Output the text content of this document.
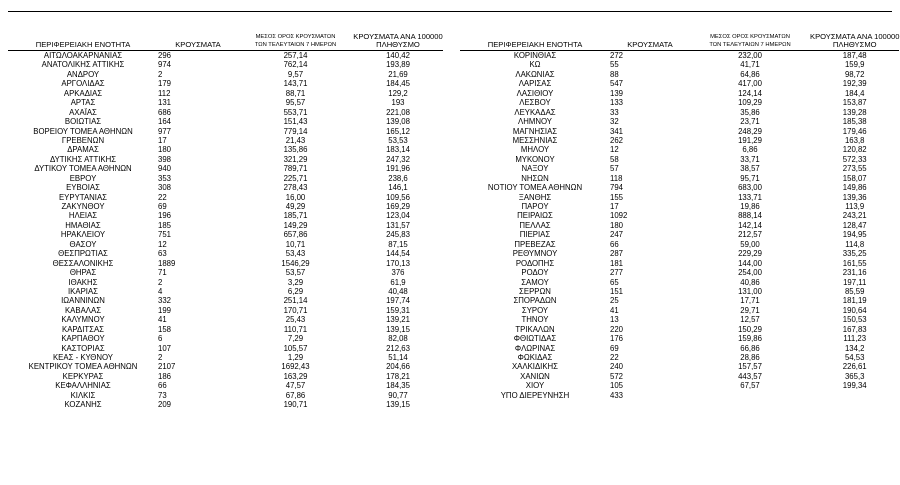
ΠΕΡΙΦΕΡΕΙΑΚΗ ΕΝΟΤΗΤΑ	ΚΡΟΥΣΜΑΤΑ	ΜΕΣΟΣ ΟΡΟΣ ΚΡΟΥΣΜΑΤΩΝ
ΤΩΝ ΤΕΛΕΥΤΑΙΩΝ 7 ΗΜΕΡΩΝ	ΚΡΟΥΣΜΑΤΑ ΑΝΑ 100000
ΠΛΗΘΥΣΜΟ
ΑΙΤΩΛΟΑΚΑΡΝΑΝΙΑΣ	296	257,14	140,42
ΑΝΑΤΟΛΙΚΗΣ ΑΤΤΙΚΗΣ	974	762,14	193,89
ΑΝΔΡΟΥ	2	9,57	21,69
ΑΡΓΟΛΙΔΑΣ	179	143,71	184,45
ΑΡΚΑΔΙΑΣ	112	88,71	129,2
ΑΡΤΑΣ	131	95,57	193
ΑΧΑΪΑΣ	686	553,71	221,08
ΒΟΙΩΤΙΑΣ	164	151,43	139,08
ΒΟΡΕΙΟΥ ΤΟΜΕΑ ΑΘΗΝΩΝ	977	779,14	165,12
ΓΡΕΒΕΝΩΝ	17	21,43	53,53
ΔΡΑΜΑΣ	180	135,86	183,14
ΔΥΤΙΚΗΣ ΑΤΤΙΚΗΣ	398	321,29	247,32
ΔΥΤΙΚΟΥ ΤΟΜΕΑ ΑΘΗΝΩΝ	940	789,71	191,96
ΕΒΡΟΥ	353	225,71	238,6
ΕΥΒΟΙΑΣ	308	278,43	146,1
ΕΥΡΥΤΑΝΙΑΣ	22	16,00	109,56
ΖΑΚΥΝΘΟΥ	69	49,29	169,29
ΗΛΕΙΑΣ	196	185,71	123,04
ΗΜΑΘΙΑΣ	185	149,29	131,57
ΗΡΑΚΛΕΙΟΥ	751	657,86	245,83
ΘΑΣΟΥ	12	10,71	87,15
ΘΕΣΠΡΩΤΙΑΣ	63	53,43	144,54
ΘΕΣΣΑΛΟΝΙΚΗΣ	1889	1546,29	170,13
ΘΗΡΑΣ	71	53,57	376
ΙΘΑΚΗΣ	2	3,29	61,9
ΙΚΑΡΙΑΣ	4	6,29	40,48
ΙΩΑΝΝΙΝΩΝ	332	251,14	197,74
ΚΑΒΑΛΑΣ	199	170,71	159,31
ΚΑΛΥΜΝΟΥ	41	25,43	139,21
ΚΑΡΔΙΤΣΑΣ	158	110,71	139,15
ΚΑΡΠΑΘΟΥ	6	7,29	82,08
ΚΑΣΤΟΡΙΑΣ	107	105,57	212,63
ΚΕΑΣ - ΚΥΘΝΟΥ	2	1,29	51,14
ΚΕΝΤΡΙΚΟΥ ΤΟΜΕΑ ΑΘΗΝΩΝ	2107	1692,43	204,66
ΚΕΡΚΥΡΑΣ	186	163,29	178,21
ΚΕΦΑΛΛΗΝΙΑΣ	66	47,57	184,35
ΚΙΛΚΙΣ	73	67,86	90,77
ΚΟΖΑΝΗΣ	209	190,71	139,15
ΠΕΡΙΦΕΡΕΙΑΚΗ ΕΝΟΤΗΤΑ	ΚΡΟΥΣΜΑΤΑ	ΜΕΣΟΣ ΟΡΟΣ ΚΡΟΥΣΜΑΤΩΝ
ΤΩΝ ΤΕΛΕΥΤΑΙΩΝ 7 ΗΜΕΡΩΝ	ΚΡΟΥΣΜΑΤΑ ΑΝΑ 100000
ΠΛΗΘΥΣΜΟ
ΚΟΡΙΝΘΙΑΣ	272	232,00	187,48
ΚΩ	55	41,71	159,9
ΛΑΚΩΝΙΑΣ	88	64,86	98,72
ΛΑΡΙΣΑΣ	547	417,00	192,39
ΛΑΣΙΘΙΟΥ	139	124,14	184,4
ΛΕΣΒΟΥ	133	109,29	153,87
ΛΕΥΚΑΔΑΣ	33	35,86	139,28
ΛΗΜΝΟΥ	32	23,71	185,38
ΜΑΓΝΗΣΙΑΣ	341	248,29	179,46
ΜΕΣΣΗΝΙΑΣ	262	191,29	163,8
ΜΗΛΟΥ	12	6,86	120,82
ΜΥΚΟΝΟΥ	58	33,71	572,33
ΝΑΞΟΥ	57	38,57	273,55
ΝΗΣΩΝ	118	95,71	158,07
ΝΟΤΙΟΥ ΤΟΜΕΑ ΑΘΗΝΩΝ	794	683,00	149,86
ΞΑΝΘΗΣ	155	133,71	139,36
ΠΑΡΟΥ	17	19,86	113,9
ΠΕΙΡΑΙΩΣ	1092	888,14	243,21
ΠΕΛΛΑΣ	180	142,14	128,47
ΠΙΕΡΙΑΣ	247	212,57	194,95
ΠΡΕΒΕΖΑΣ	66	59,00	114,8
ΡΕΘΥΜΝΟΥ	287	229,29	335,25
ΡΟΔΟΠΗΣ	181	144,00	161,55
ΡΟΔΟΥ	277	254,00	231,16
ΣΑΜΟΥ	65	40,86	197,11
ΣΕΡΡΩΝ	151	131,00	85,59
ΣΠΟΡΑΔΩΝ	25	17,71	181,19
ΣΥΡΟΥ	41	29,71	190,64
ΤΗΝΟΥ	13	12,57	150,53
ΤΡΙΚΑΛΩΝ	220	150,29	167,83
ΦΘΙΩΤΙΔΑΣ	176	159,86	111,23
ΦΛΩΡΙΝΑΣ	69	66,86	134,2
ΦΩΚΙΔΑΣ	22	28,86	54,53
ΧΑΛΚΙΔΙΚΗΣ	240	157,57	226,61
ΧΑΝΙΩΝ	572	443,57	365,3
ΧΙΟΥ	105	67,57	199,34
ΥΠΟ ΔΙΕΡΕΥΝΗΣΗ	433		
